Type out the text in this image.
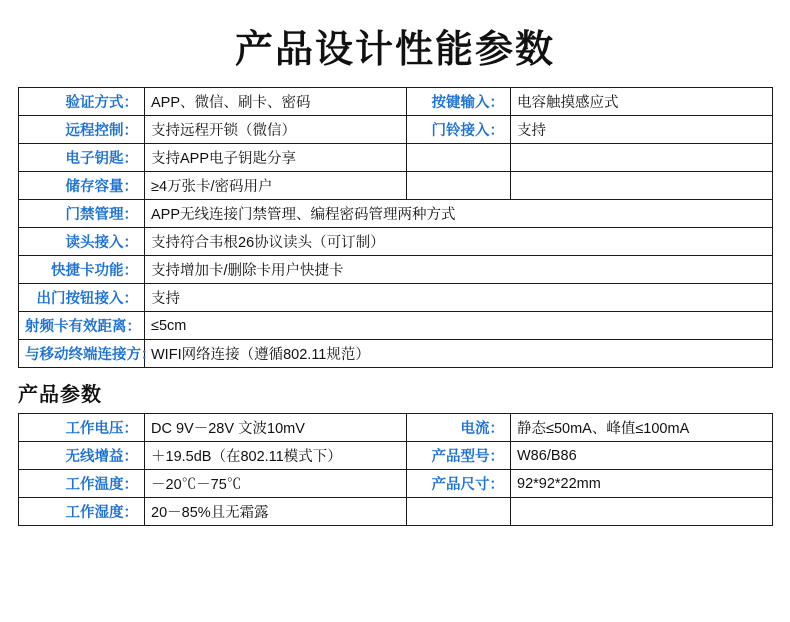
产品设计性能参数
验证方式：	APP、微信、刷卡、密码	按键输入：	电容触摸感应式
远程控制：	支持远程开锁（微信）	门铃接入：	支持
电子钥匙：	支持APP电子钥匙分享		
储存容量：	≥4万张卡/密码用户		
门禁管理：	APP无线连接门禁管理、编程密码管理两种方式		
读头接入：	支持符合韦根26协议读头（可订制）		
快捷卡功能：	支持增加卡/删除卡用户快捷卡		
出门按钮接入：	支持		
射频卡有效距离：	≤5cm		
与移动终端连接方：	WIFI网络连接（遵循802.11规范）		
产品参数
工作电压：	DC 9V－28V 文波10mV	电流：	静态≤50mA、峰值≤100mA
无线增益：	＋19.5dB（在802.11模式下）	产品型号：	W86/B86
工作温度：	－20℃－75℃	产品尺寸：	92*92*22mm
工作湿度：	20－85%且无霜露		
